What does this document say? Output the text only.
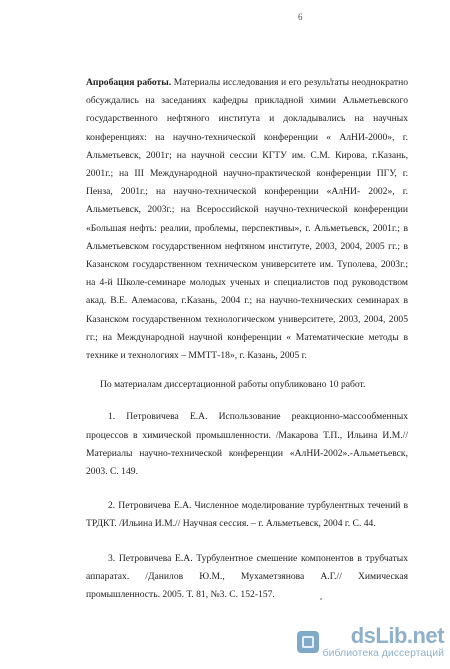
6

Апробация работы. Материалы исследования и его результаты неоднократно обсуждались на заседаниях кафедры прикладной химии Альметьевского государственного нефтяного института и докладывались на научных конференциях: на научно-технической конференции « АлНИ-2000», г. Альметьевск, 2001г; на научной сессии КГТУ им. С.М. Кирова, г.Казань, 2001г.; на III Международной научно-практической конференции ПГУ, г. Пенза, 2001г.; на научно-технической конференции «АлНИ- 2002», г. Альметьевск, 2003г.; на Всероссийской научно-технической конференции «Большая нефть: реалии, проблемы, перспективы», г. Альметьевск, 2001г.; в Альметьевском государственном нефтяном институте, 2003, 2004, 2005 гг.; в Казанском государственном техническом университете им. Туполева, 2003г.; на 4-й Школе-семинаре молодых ученых и специалистов под руководством акад. В.Е. Алемасова, г.Казань, 2004 г.; на научно-технических семинарах в Казанском государственном технологическом университете, 2003, 2004, 2005 гг.; на Международной научной конференции « Математические методы в технике и технологиях – ММТТ-18», г. Казань, 2005 г.

По материалам диссертационной работы опубликовано 10 работ.

1. Петровичева Е.А. Использование реакционно-массообменных процессов в химической промышленности. /Макарова Т.П., Ильина И.М.// Материалы научно-технической конференции «АлНИ-2002».-Альметьевск, 2003. С. 149.

2. Петровичева Е.А. Численное моделирование турбулентных течений в ТРДКТ. /Ильина И.М.// Научная сессия. – г. Альметьевск, 2004 г. С. 44.

3. Петровичева Е.А. Турбулентное смешение компонентов в трубчатых аппаратах. /Данилов Ю.М., Мухаметзянова А.Г.// Химическая промышленность. 2005. Т. 81, №3. С. 152-157.

dsLib.net
библиотека диссертаций
